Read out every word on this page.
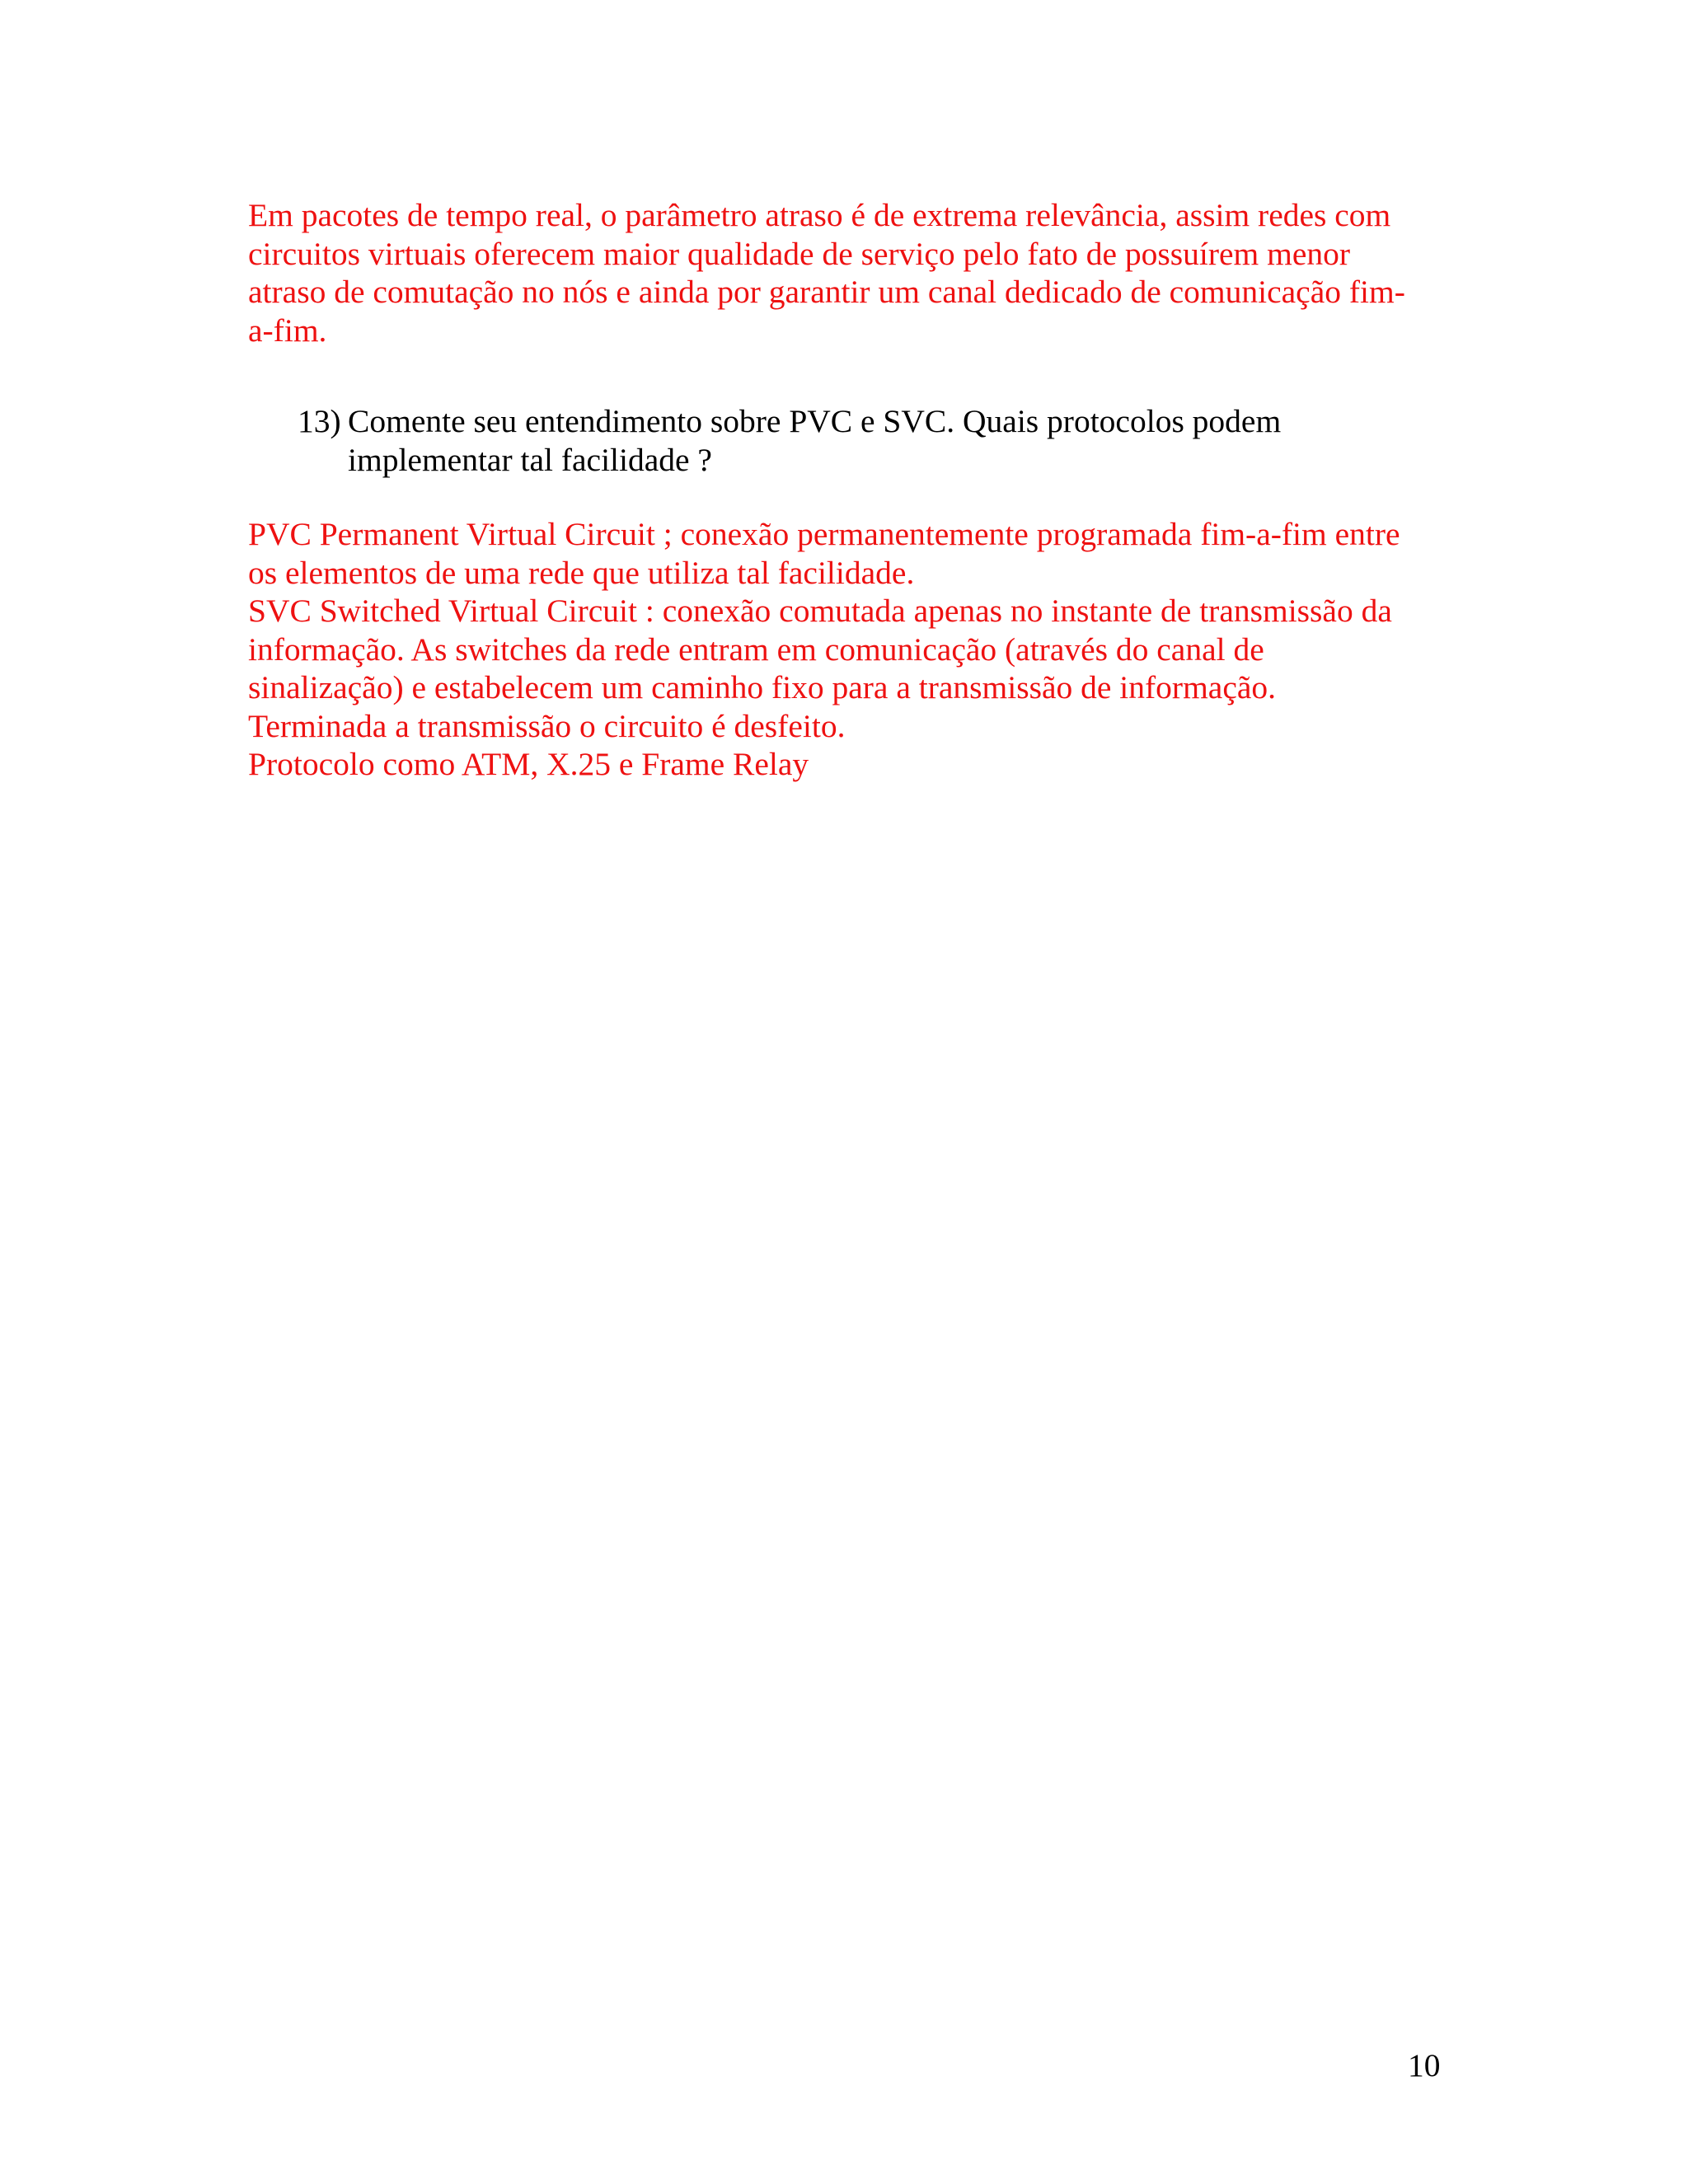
Em pacotes de tempo real, o parâmetro atraso é de extrema relevância, assim redes com
circuitos virtuais oferecem maior qualidade de serviço pelo fato de possuírem menor
atraso de comutação no nós e ainda por garantir um canal dedicado de comunicação fim-
a-fim.

13) Comente seu entendimento sobre PVC e SVC. Quais protocolos podem
implementar tal facilidade ?

PVC Permanent Virtual Circuit ; conexão permanentemente programada fim-a-fim entre
os elementos de uma rede que utiliza tal facilidade.
SVC Switched Virtual Circuit : conexão comutada apenas no instante de transmissão da
informação. As switches da rede entram em comunicação (através do canal de
sinalização) e estabelecem um caminho fixo para a transmissão de informação.
Terminada a transmissão o circuito é desfeito.
Protocolo como ATM, X.25 e Frame Relay

10
